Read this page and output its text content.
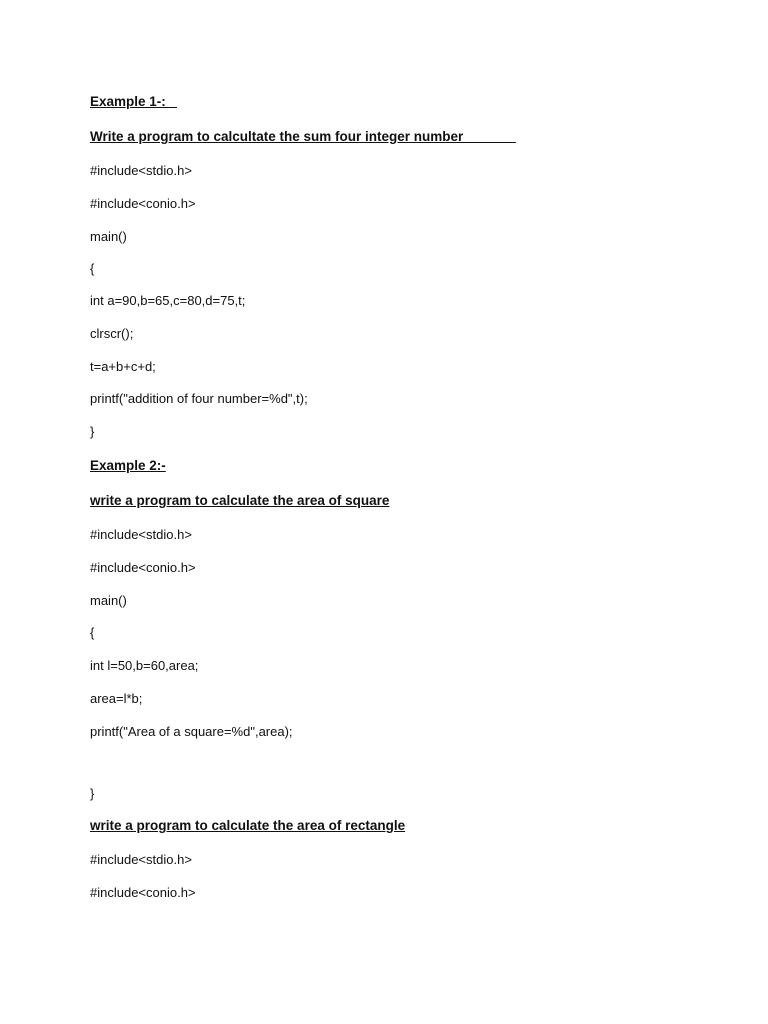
Example 1-:
Write a program to calcultate the sum four integer number
#include<stdio.h>
#include<conio.h>
main()
{
int a=90,b=65,c=80,d=75,t;
clrscr();
t=a+b+c+d;
printf("addition of four number=%d",t);
}
Example 2:-
write a program to calculate the area of square
#include<stdio.h>
#include<conio.h>
main()
{
int l=50,b=60,area;
area=l*b;
printf("Area of a square=%d",area);
}
write a program to calculate the area of rectangle
#include<stdio.h>
#include<conio.h>
